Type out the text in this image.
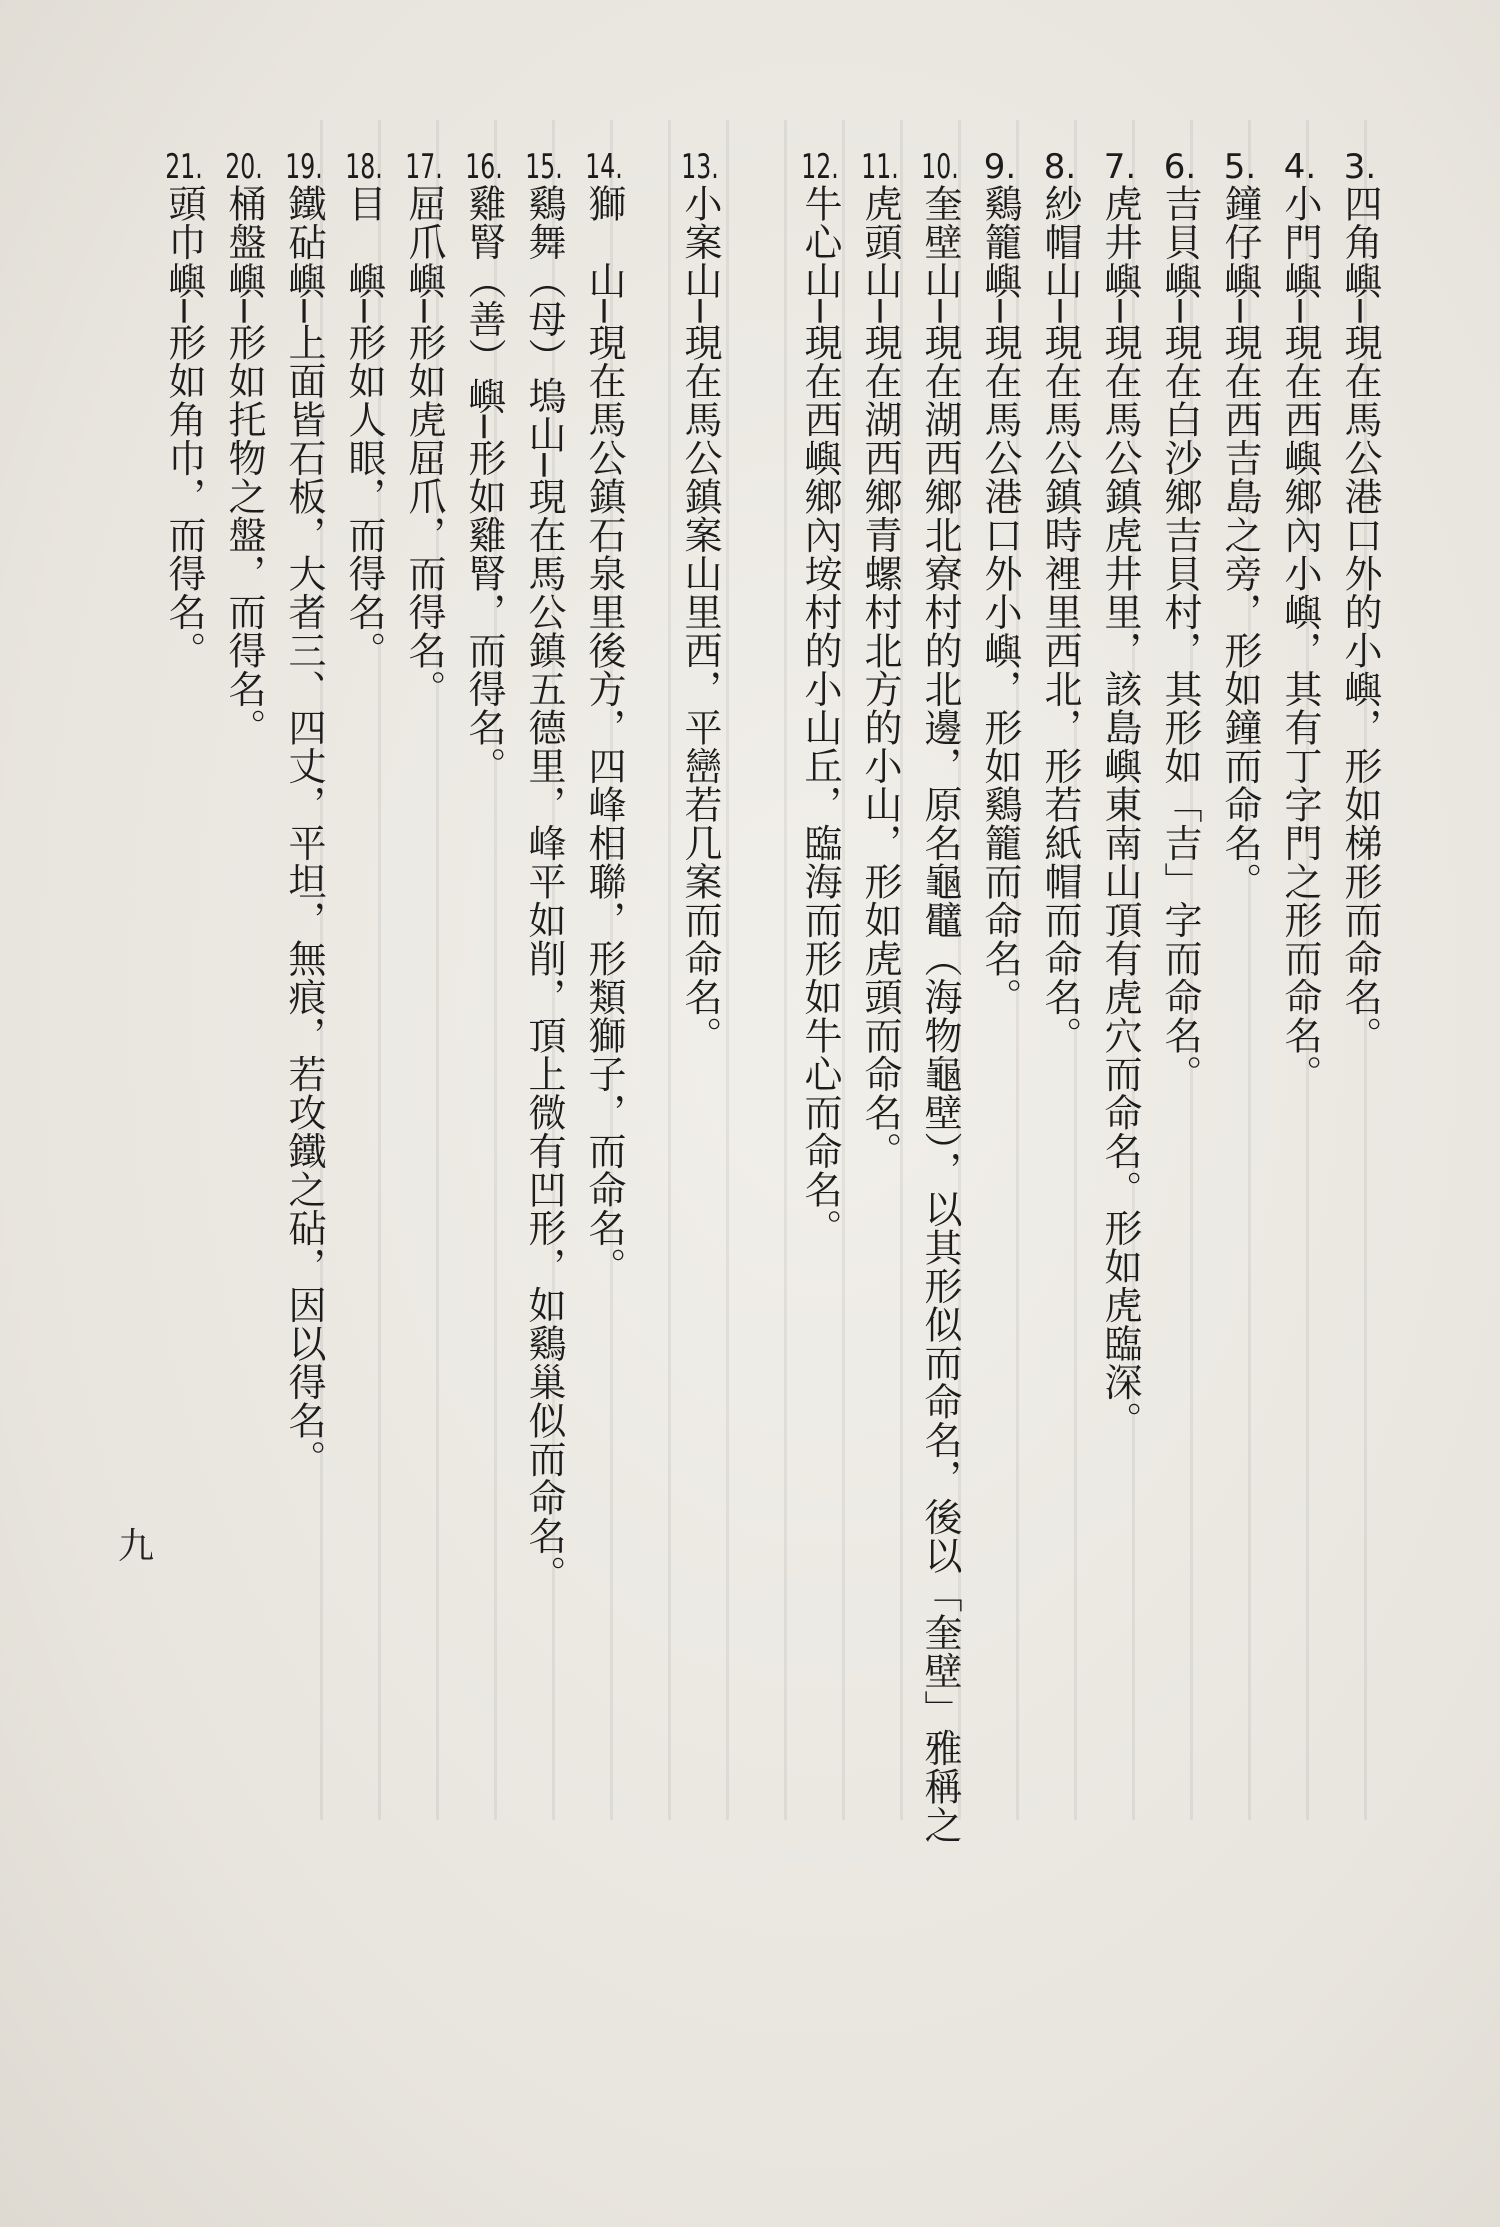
3.四角嶼─現在馬公港口外的小嶼，形如梯形而命名。

4.小門嶼─現在西嶼鄉內小嶼，其有丁字門之形而命名。

5.鐘仔嶼─現在西吉島之旁，形如鐘而命名。

6.吉貝嶼─現在白沙鄉吉貝村，其形如「吉」字而命名。

7.虎井嶼─現在馬公鎮虎井里，該島嶼東南山頂有虎穴而命名。形如虎臨深。

8.紗帽山─現在馬公鎮時裡里西北，形若紙帽而命名。

9.鷄籠嶼─現在馬公港口外小嶼，形如鷄籠而命名。

10.奎壁山─現在湖西鄉北寮村的北邊，原名龜鼊（海物龜壁），以其形似而命名，後以「奎壁」雅稱之

11.虎頭山─現在湖西鄉青螺村北方的小山，形如虎頭而命名。

12.牛心山─現在西嶼鄉內垵村的小山丘，臨海而形如牛心而命名。

13.小案山─現在馬公鎮案山里西，平巒若几案而命名。

14.獅　山─現在馬公鎮石泉里後方，四峰相聯，形類獅子，而命名。

15.鷄舞（母）塢山─現在馬公鎮五德里，峰平如削，頂上微有凹形，如鷄巢似而命名。

16.雞腎（善）嶼─形如雞腎，而得名。

17.屈爪嶼─形如虎屈爪，而得名。

18.目　嶼─形如人眼，而得名。

19.鐵砧嶼─上面皆石板，大者三、四丈，平坦，無痕，若攻鐵之砧，因以得名。

20.桶盤嶼─形如托物之盤，而得名。

21.頭巾嶼─形如角巾，而得名。

九
